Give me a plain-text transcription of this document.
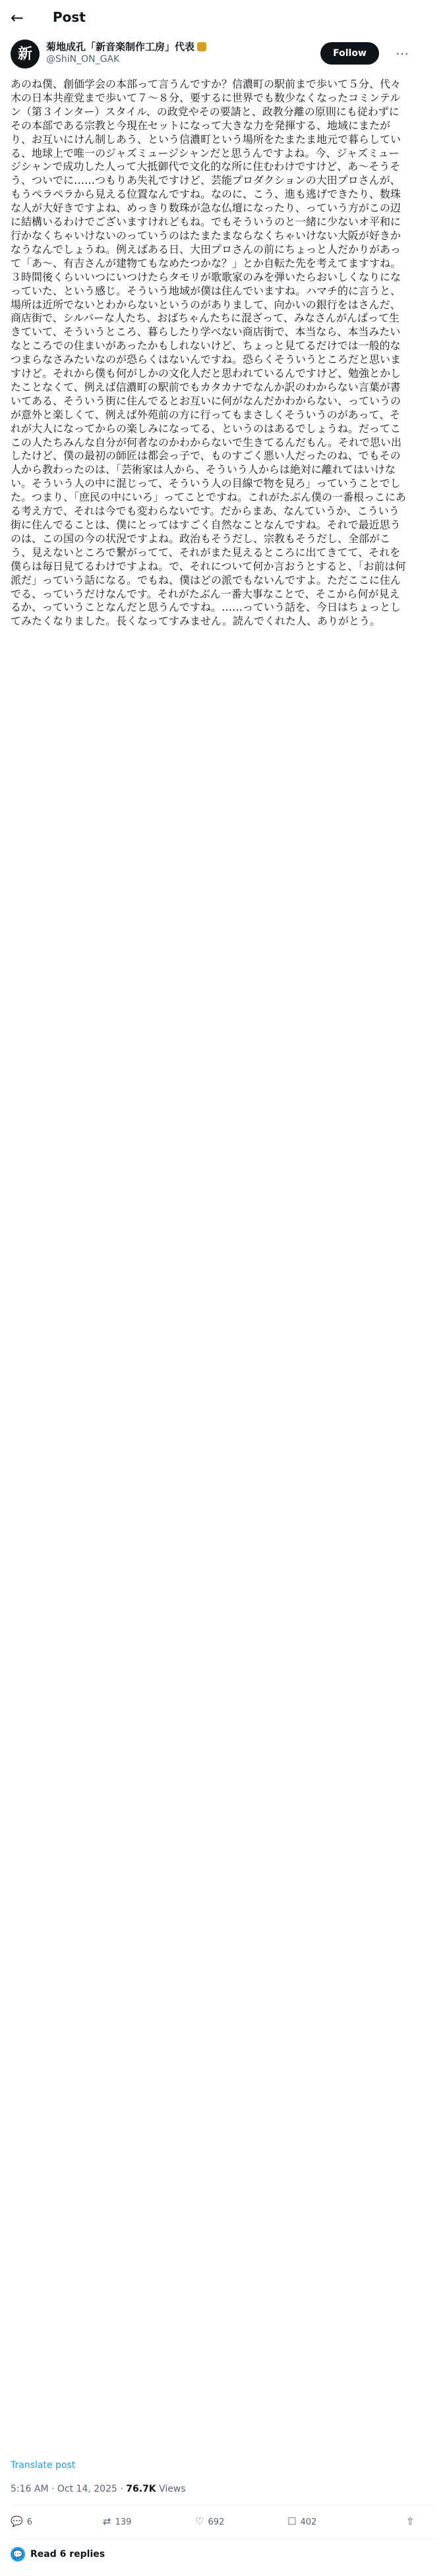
←	Post
新	菊地成孔「新音楽制作工房」代表
@ShiN_ON_GAK
Follow	⋯
あのね僕、創価学会の本部って言うんですか？信濃町の駅前まで歩いて５分、代々木の日本共産党まで歩いて７〜８分、要するに世界でも数少なくなったコミンテルン（第３インター）スタイル、の政党やその要請と、政教分離の原則にも従わずにその本部である宗教と今現在セットになって大きな力を発揮する、地域にまたがり、お互いにけん制しあう、という信濃町という場所をたまたま地元で暮らしている、地球上で唯一のジャズミュージシャンだと思うんですよね。今、ジャズミュージシャンで成功した人って大抵御代で文化的な所に住むわけですけど、あ〜そうそう、ついでに……つもりあ失礼ですけど、芸能プロダクションの大田プロさんが、もうぺラペラから見える位置なんですね。なのに、こう、進も逃げできたり、数珠な人が大好きですよね、めっきり数珠が急な仏壇になったり、っていう方がこの辺に結構いるわけでございますけれどもね。でもそういうのと一緒に少ないオ平和に行かなくちゃいけないのっていうのはたまたまならなくちゃいけない大阪が好きかなうなんでしょうね。例えばある日、大田プロさんの前にちょっと人だかりがあって「あ〜、有吉さんが建物てもなめたつかな？」とか自転た先を考えてますすね。３時間後くらいいつにいつけたらタモリが歌歌家のみを弾いたらおいしくなりになっていた、という感じ。そういう地域が僕は住んでいますね。ハマチ的に言うと、場所は近所でないとわからないというのがありまして、向かいの銀行をはさんだ、商店街で、シルバーな人たち、おばちゃんたちに混ざって、みなさんがんばって生きていて、そういうところ、暮らしたり学べない商店街で、本当なら、本当みたいなところでの住まいがあったかもしれないけど、ちょっと見てるだけでは一般的なつまらなさみたいなのが恐らくはないんですね。恐らくそういうところだと思いますけど。それから僕も何がしかの文化人だと思われているんですけど、勉強とかしたことなくて、例えば信濃町の駅前でもカタカナでなんか訳のわからない言葉が書いてある、そういう街に住んでるとお互いに何がなんだかわからない、っていうのが意外と楽しくて、例えば外苑前の方に行ってもまさしくそういうのがあって、それが大人になってからの楽しみになってる、というのはあるでしょうね。だってここの人たちみんな自分が何者なのかわからないで生きてるんだもん。それで思い出したけど、僕の最初の師匠は都会っ子で、ものすごく悪い人だったのね、でもその人から教わったのは、「芸術家は人から、そういう人からは絶対に離れてはいけない。そういう人の中に混じって、そういう人の目線で物を見ろ」っていうことでした。つまり、「庶民の中にいろ」ってことですね。これがたぶん僕の一番根っこにある考え方で、それは今でも変わらないです。だからまあ、なんていうか、こういう街に住んでることは、僕にとってはすごく自然なことなんですね。それで最近思うのは、この国の今の状況ですよね。政治もそうだし、宗教もそうだし、全部がこう、見えないところで繋がってて、それがまた見えるところに出てきてて、それを僕らは毎日見てるわけですよね。で、それについて何か言おうとすると、「お前は何派だ」っていう話になる。でもね、僕はどの派でもないんですよ。ただここに住んでる、っていうだけなんです。それがたぶん一番大事なことで、そこから何が見えるか、っていうことなんだと思うんですね。……っていう話を、今日はちょっとしてみたくなりました。長くなってすみません。読んでくれた人、ありがとう。
Translate post
5:16 AM · Oct 14, 2025 · 76.7K Views
💬 6	⇄ 139	♡ 692	☐ 402	⇧
💬 Read 6 replies
